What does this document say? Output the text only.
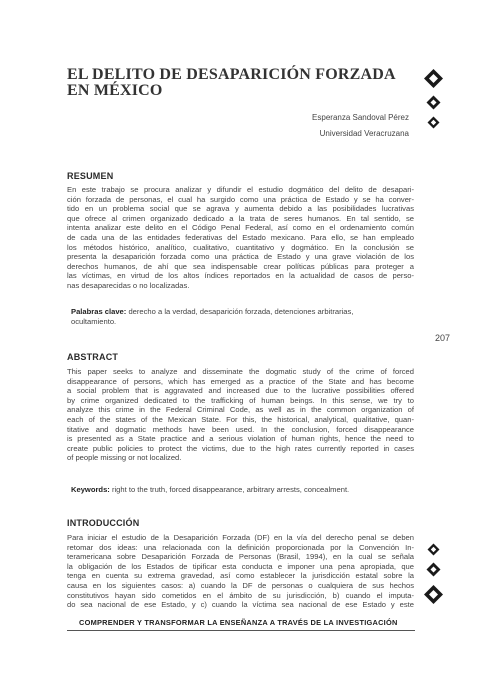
EL DELITO DE DESAPARICIÓN FORZADA
EN MÉXICO
Esperanza Sandoval Pérez
Universidad Veracruzana
RESUMEN
En este trabajo se procura analizar y difundir el estudio dogmático del delito de desapari-
ción forzada de personas, el cual ha surgido como una práctica de Estado y se ha conver-
tido en un problema social que se agrava y aumenta debido a las posibilidades lucrativas
que ofrece al crimen organizado dedicado a la trata de seres humanos. En tal sentido, se
intenta analizar este delito en el Código Penal Federal, así como en el ordenamiento común
de cada una de las entidades federativas del Estado mexicano. Para ello, se han empleado
los métodos histórico, analítico, cualitativo, cuantitativo y dogmático. En la conclusión se
presenta la desaparición forzada como una práctica de Estado y una grave violación de los
derechos humanos, de ahí que sea indispensable crear políticas públicas para proteger a
las víctimas, en virtud de los altos índices reportados en la actualidad de casos de perso-
nas desaparecidas o no localizadas.
Palabras clave: derecho a la verdad, desaparición forzada, detenciones arbitrarias,
ocultamiento.
207
ABSTRACT
This paper seeks to analyze and disseminate the dogmatic study of the crime of forced
disappearance of persons, which has emerged as a practice of the State and has become
a social problem that is aggravated and increased due to the lucrative possibilities offered
by crime organized dedicated to the trafficking of human beings. In this sense, we try to
analyze this crime in the Federal Criminal Code, as well as in the common organization of
each of the states of the Mexican State. For this, the historical, analytical, qualitative, quan-
titative and dogmatic methods have been used. In the conclusion, forced disappearance
is presented as a State practice and a serious violation of human rights, hence the need to
create public policies to protect the victims, due to the high rates currently reported in cases
of people missing or not localized.
Keywords: right to the truth, forced disappearance, arbitrary arrests, concealment.
INTRODUCCIÓN
Para iniciar el estudio de la Desaparición Forzada (DF) en la vía del derecho penal se deben
retomar dos ideas: una relacionada con la definición proporcionada por la Convención In-
teramericana sobre Desaparición Forzada de Personas (Brasil, 1994), en la cual se señala
la obligación de los Estados de tipificar esta conducta e imponer una pena apropiada, que
tenga en cuenta su extrema gravedad, así como establecer la jurisdicción estatal sobre la
causa en los siguientes casos: a) cuando la DF de personas o cualquiera de sus hechos
constitutivos hayan sido cometidos en el ámbito de su jurisdicción, b) cuando el imputa-
do sea nacional de ese Estado, y c) cuando la víctima sea nacional de ese Estado y este
COMPRENDER Y TRANSFORMAR LA ENSEÑANZA A TRAVÉS DE LA INVESTIGACIÓN
